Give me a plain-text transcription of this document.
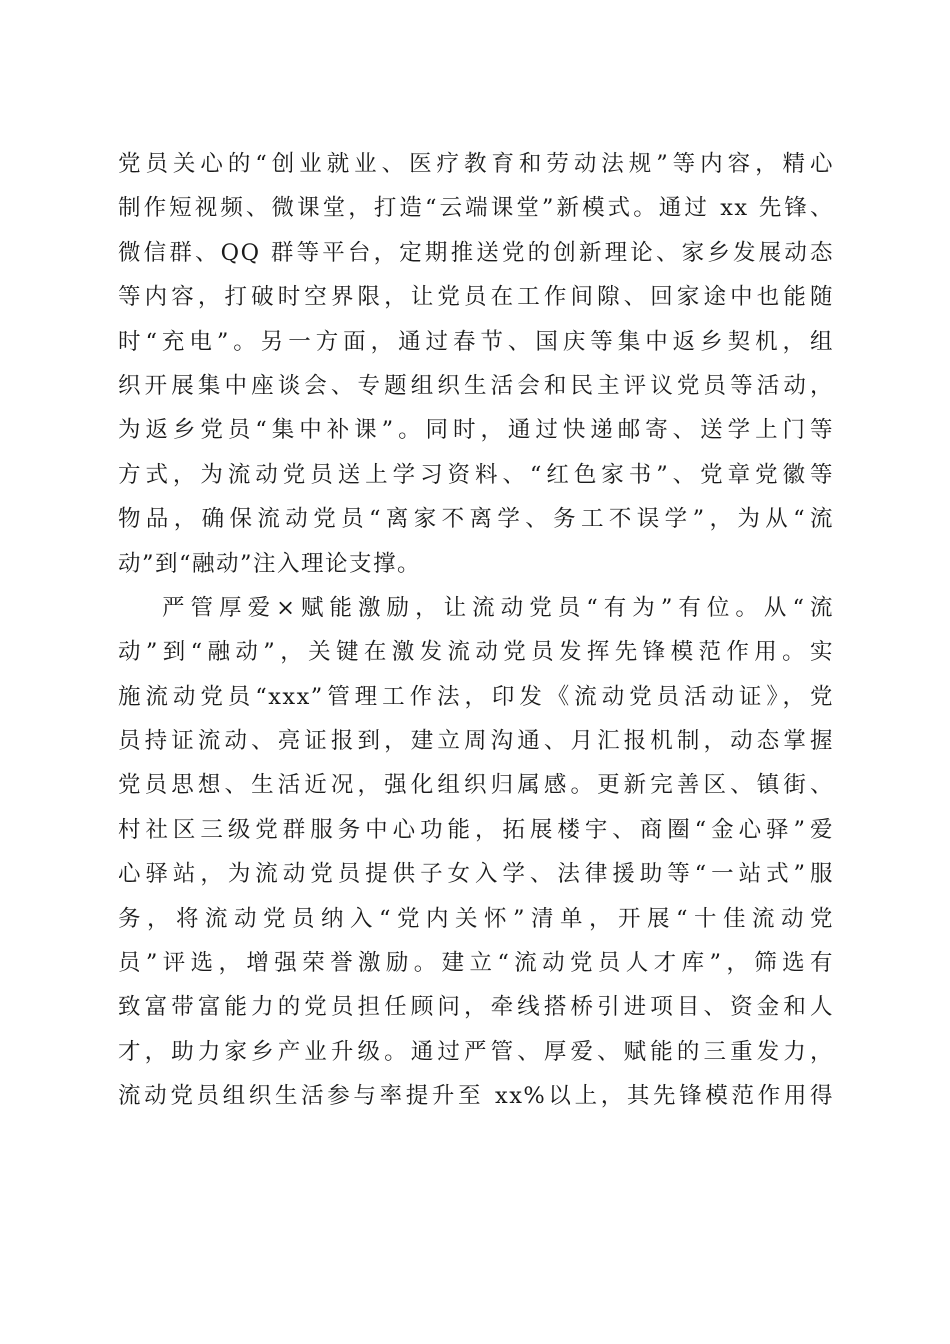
党员关心的“创业就业、医疗教育和劳动法规”等内容，精心
制作短视频、微课堂，打造“云端课堂”新模式。通过 xx 先锋、
微信群、QQ 群等平台，定期推送党的创新理论、家乡发展动态
等内容，打破时空界限，让党员在工作间隙、回家途中也能随
时“充电”。另一方面，通过春节、国庆等集中返乡契机，组
织开展集中座谈会、专题组织生活会和民主评议党员等活动，
为返乡党员“集中补课”。同时，通过快递邮寄、送学上门等
方式，为流动党员送上学习资料、“红色家书”、党章党徽等
物品，确保流动党员“离家不离学、务工不误学”，为从“流
动”到“融动”注入理论支撑。
严管厚爱×赋能激励，让流动党员“有为”有位。从“流
动”到“融动”，关键在激发流动党员发挥先锋模范作用。实
施流动党员“xxx”管理工作法，印发《流动党员活动证》，党
员持证流动、亮证报到，建立周沟通、月汇报机制，动态掌握
党员思想、生活近况，强化组织归属感。更新完善区、镇街、
村社区三级党群服务中心功能，拓展楼宇、商圈“金心驿”爱
心驿站，为流动党员提供子女入学、法律援助等“一站式”服
务，将流动党员纳入“党内关怀”清单，开展“十佳流动党
员”评选，增强荣誉激励。建立“流动党员人才库”，筛选有
致富带富能力的党员担任顾问，牵线搭桥引进项目、资金和人
才，助力家乡产业升级。通过严管、厚爱、赋能的三重发力，
流动党员组织生活参与率提升至 xx%以上，其先锋模范作用得
